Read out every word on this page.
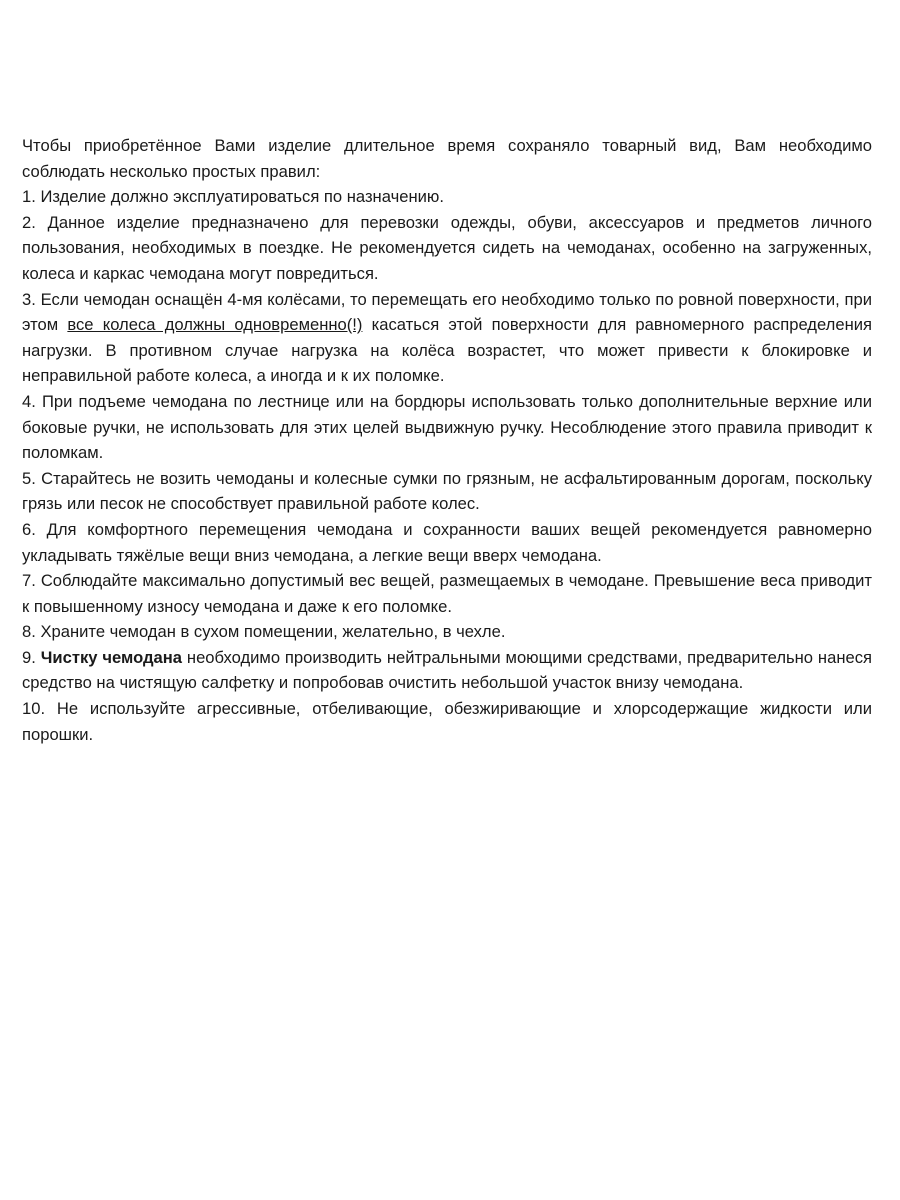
Чтобы приобретённое Вами изделие длительное время сохраняло товарный вид, Вам необходимо соблюдать несколько простых правил:

1. Изделие должно эксплуатироваться по назначению.

2. Данное изделие предназначено для перевозки одежды, обуви, аксессуаров и предметов личного пользования, необходимых в поездке. Не рекомендуется сидеть на чемоданах, особенно на загруженных, колеса и каркас чемодана могут повредиться.

3. Если чемодан оснащён 4-мя колёсами, то перемещать его необходимо только по ровной поверхности, при этом все колеса должны одновременно(!) касаться этой поверхности для равномерного распределения нагрузки. В противном случае нагрузка на колёса возрастет, что может привести к блокировке и неправильной работе колеса, а иногда и к их поломке.

4. При подъеме чемодана по лестнице или на бордюры использовать только дополнительные верхние или боковые ручки, не использовать для этих целей выдвижную ручку. Несоблюдение этого правила приводит к поломкам.

5. Старайтесь не возить чемоданы и колесные сумки по грязным, не асфальтированным дорогам, поскольку грязь или песок не способствует правильной работе колес.

6. Для комфортного перемещения чемодана и сохранности ваших вещей рекомендуется равномерно укладывать тяжёлые вещи вниз чемодана, а легкие вещи вверх чемодана.

7. Соблюдайте максимально допустимый вес вещей, размещаемых в чемодане. Превышение веса приводит к повышенному износу чемодана и даже к его поломке.

8. Храните чемодан в сухом помещении, желательно, в чехле.

9. Чистку чемодана необходимо производить нейтральными моющими средствами, предварительно нанеся средство на чистящую салфетку и попробовав очистить небольшой участок внизу чемодана.

10. Не используйте агрессивные, отбеливающие, обезжиривающие и хлорсодержащие жидкости или порошки.
